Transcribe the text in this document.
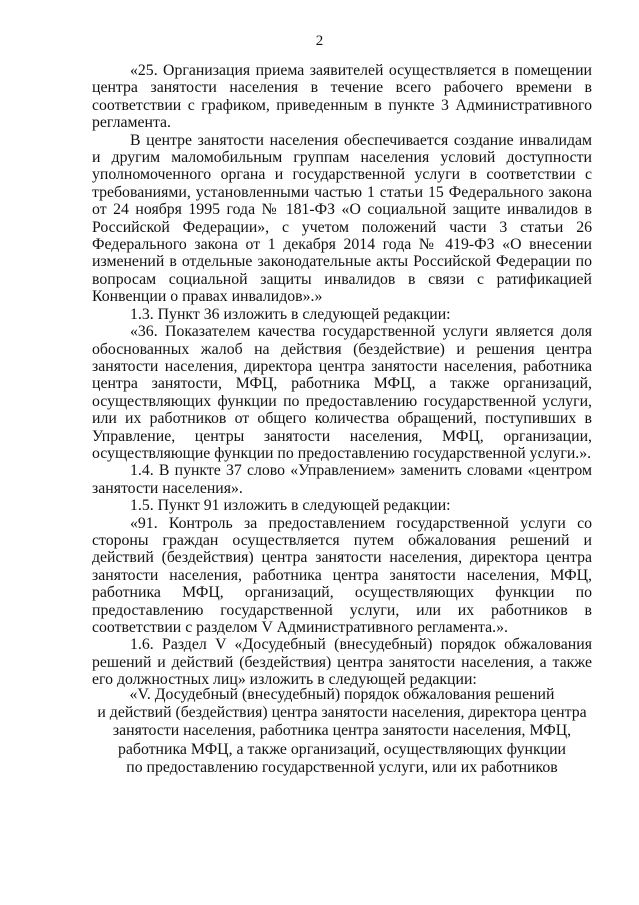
2

«25. Организация приема заявителей осуществляется в помещении центра занятости населения в течение всего рабочего времени в соответствии с графиком, приведенным в пункте 3 Административного регламента.

В центре занятости населения обеспечивается создание инвалидам и другим маломобильным группам населения условий доступности уполномоченного органа и государственной услуги в соответствии с требованиями, установленными частью 1 статьи 15 Федерального закона от 24 ноября 1995 года № 181-ФЗ «О социальной защите инвалидов в Российской Федерации», с учетом положений части 3 статьи 26 Федерального закона от 1 декабря 2014 года № 419-ФЗ «О внесении изменений в отдельные законодательные акты Российской Федерации по вопросам социальной защиты инвалидов в связи с ратификацией Конвенции о правах инвалидов».»

1.3. Пункт 36 изложить в следующей редакции:

«36. Показателем качества государственной услуги является доля обоснованных жалоб на действия (бездействие) и решения центра занятости населения, директора центра занятости населения, работника центра занятости, МФЦ, работника МФЦ, а также организаций, осуществляющих функции по предоставлению государственной услуги, или их работников от общего количества обращений, поступивших в Управление, центры занятости населения, МФЦ, организации, осуществляющие функции по предоставлению государственной услуги.».

1.4. В пункте 37 слово «Управлением» заменить словами «центром занятости населения».

1.5. Пункт 91 изложить в следующей редакции:

«91. Контроль за предоставлением государственной услуги со стороны граждан осуществляется путем обжалования решений и действий (бездействия) центра занятости населения, директора центра занятости населения, работника центра занятости населения, МФЦ, работника МФЦ, организаций, осуществляющих функции по предоставлению государственной услуги, или их работников в соответствии с разделом V Административного регламента.».

1.6. Раздел V «Досудебный (внесудебный) порядок обжалования решений и действий (бездействия) центра занятости населения, а также его должностных лиц» изложить в следующей редакции:

«V. Досудебный (внесудебный) порядок обжалования решений

и действий (бездействия) центра занятости населения, директора центра

занятости населения, работника центра занятости населения, МФЦ,

работника МФЦ, а также организаций, осуществляющих функции

по предоставлению государственной услуги, или их работников
